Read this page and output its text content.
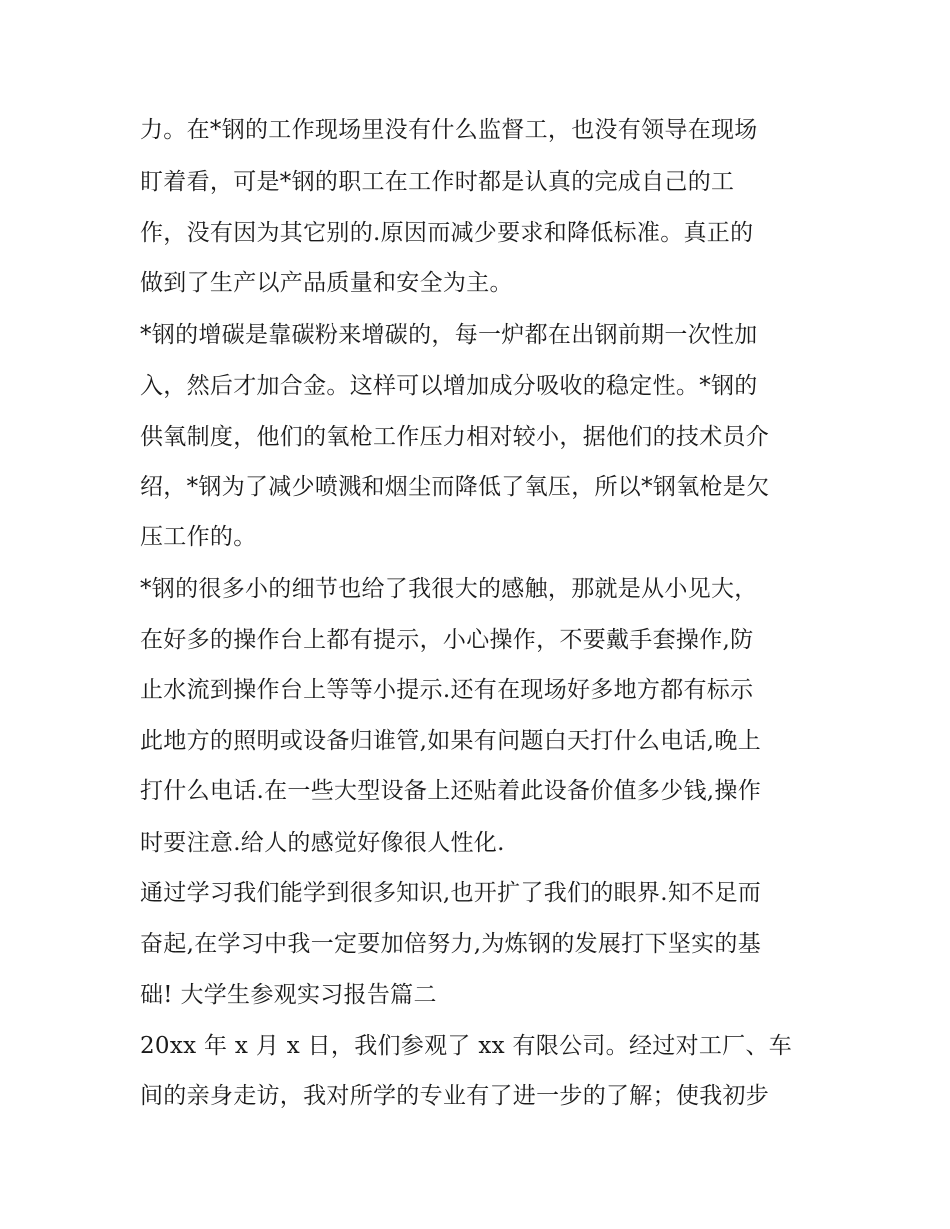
力。在*钢的工作现场里没有什么监督工，也没有领导在现场

盯着看，可是*钢的职工在工作时都是认真的完成自己的工

作，没有因为其它别的.原因而减少要求和降低标准。真正的

做到了生产以产品质量和安全为主。

*钢的增碳是靠碳粉来增碳的，每一炉都在出钢前期一次性加

入，然后才加合金。这样可以增加成分吸收的稳定性。*钢的

供氧制度，他们的氧枪工作压力相对较小，据他们的技术员介

绍，*钢为了减少喷溅和烟尘而降低了氧压，所以*钢氧枪是欠

压工作的。

*钢的很多小的细节也给了我很大的感触，那就是从小见大，

在好多的操作台上都有提示，小心操作，不要戴手套操作,防

止水流到操作台上等等小提示.还有在现场好多地方都有标示

此地方的照明或设备归谁管,如果有问题白天打什么电话,晚上

打什么电话.在一些大型设备上还贴着此设备价值多少钱,操作

时要注意.给人的感觉好像很人性化.

通过学习我们能学到很多知识,也开扩了我们的眼界.知不足而

奋起,在学习中我一定要加倍努力,为炼钢的发展打下坚实的基

础! 大学生参观实习报告篇二

20xx 年 x 月 x 日，我们参观了 xx 有限公司。经过对工厂、车

间的亲身走访，我对所学的专业有了进一步的了解；使我初步
